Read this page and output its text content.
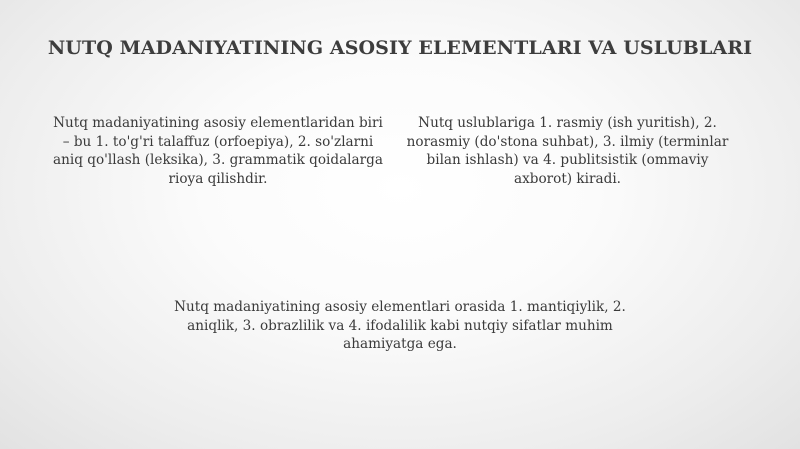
NUTQ MADANIYATINING ASOSIY ELEMENTLARI VA USLUBLARI
Nutq madaniyatining asosiy elementlaridan biri – bu 1. to'g'ri talaffuz (orfoepiya), 2. so'zlarni aniq qo'llash (leksika), 3. grammatik qoidalarga rioya qilishdir.
Nutq uslublariga 1. rasmiy (ish yuritish), 2. norasmiy (do'stona suhbat), 3. ilmiy (terminlar bilan ishlash) va 4. publitsistik (ommaviy axborot) kiradi.
Nutq madaniyatining asosiy elementlari orasida 1. mantiqiylik, 2. aniqlik, 3. obrazlilik va 4. ifodalilik kabi nutqiy sifatlar muhim ahamiyatga ega.
